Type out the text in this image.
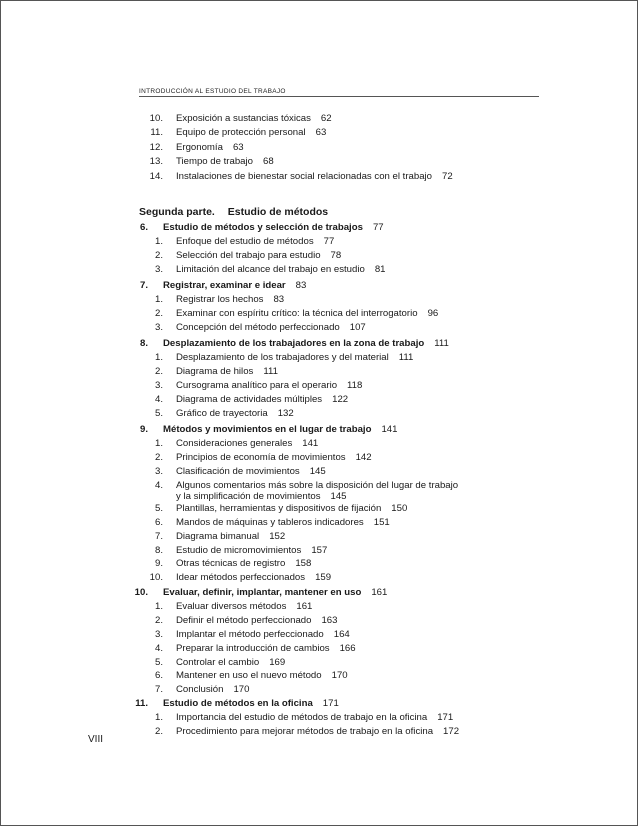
INTRODUCCIÓN AL ESTUDIO DEL TRABAJO
Segunda parte. Estudio de métodos
10. Exposición a sustancias tóxicas 62
11. Equipo de protección personal 63
12. Ergonomía 63
13. Tiempo de trabajo 68
14. Instalaciones de bienestar social relacionadas con el trabajo 72
6. Estudio de métodos y selección de trabajos 77
1. Enfoque del estudio de métodos 77
2. Selección del trabajo para estudio 78
3. Limitación del alcance del trabajo en estudio 81
7. Registrar, examinar e idear 83
1. Registrar los hechos 83
2. Examinar con espíritu crítico: la técnica del interrogatorio 96
3. Concepción del método perfeccionado 107
8. Desplazamiento de los trabajadores en la zona de trabajo 111
1. Desplazamiento de los trabajadores y del material 111
2. Diagrama de hilos 111
3. Cursograma analítico para el operario 118
4. Diagrama de actividades múltiples 122
5. Gráfico de trayectoria 132
9. Métodos y movimientos en el lugar de trabajo 141
1. Consideraciones generales 141
2. Principios de economía de movimientos 142
3. Clasificación de movimientos 145
4. Algunos comentarios más sobre la disposición del lugar de trabajo
y la simplificación de movimientos 145
5. Plantillas, herramientas y dispositivos de fijación 150
6. Mandos de máquinas y tableros indicadores 151
7. Diagrama bimanual 152
8. Estudio de micromovimientos 157
9. Otras técnicas de registro 158
10. Idear métodos perfeccionados 159
10. Evaluar, definir, implantar, mantener en uso 161
1. Evaluar diversos métodos 161
2. Definir el método perfeccionado 163
3. Implantar el método perfeccionado 164
4. Preparar la introducción de cambios 166
5. Controlar el cambio 169
6. Mantener en uso el nuevo método 170
7. Conclusión 170
11. Estudio de métodos en la oficina 171
1. Importancia del estudio de métodos de trabajo en la oficina 171
2. Procedimiento para mejorar métodos de trabajo en la oficina 172
VIII
